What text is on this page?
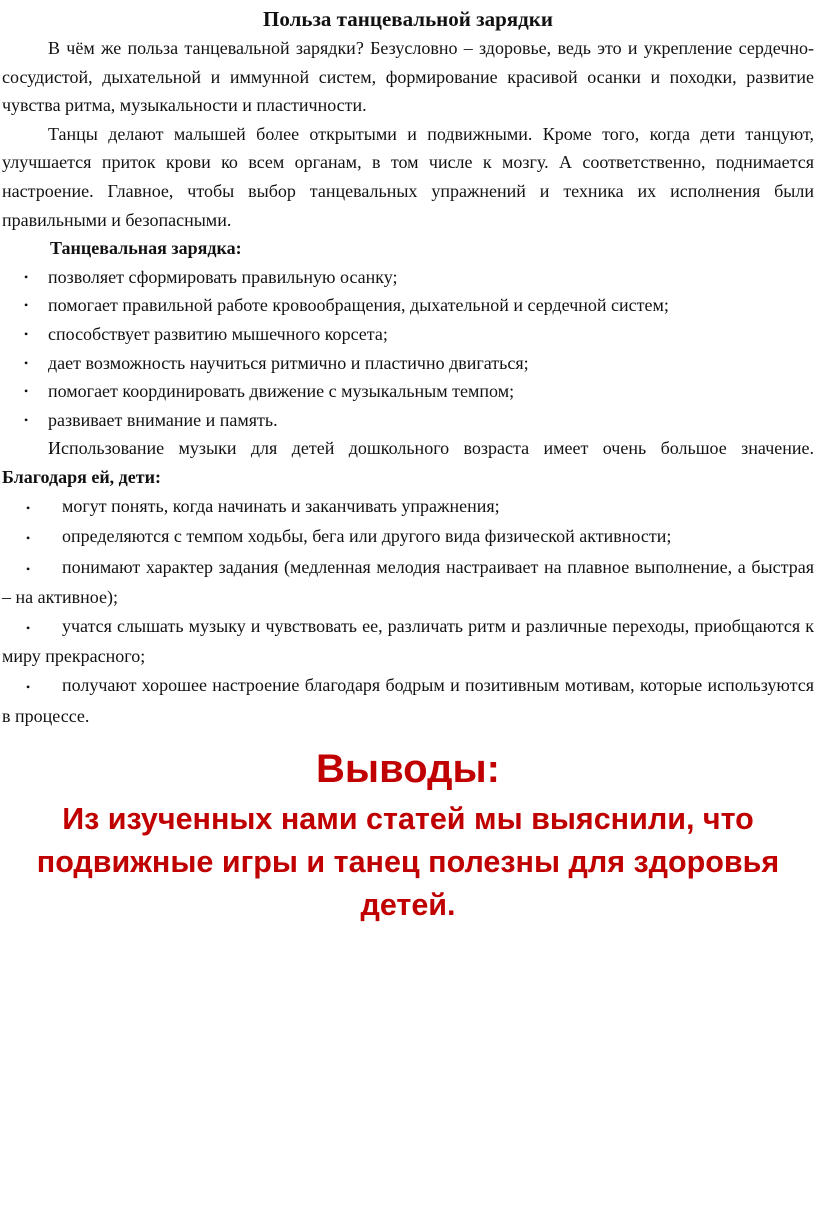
Польза танцевальной зарядки

В чём же польза танцевальной зарядки? Безусловно – здоровье, ведь это и укрепление сердечно-сосудистой, дыхательной и иммунной систем, формирование красивой осанки и походки, развитие чувства ритма, музыкальности и пластичности.

Танцы делают малышей более открытыми и подвижными. Кроме того, когда дети танцуют, улучшается приток крови ко всем органам, в том числе к мозгу. А соответственно, поднимается настроение. Главное, чтобы выбор танцевальных упражнений и техника их исполнения были правильными и безопасными.

Танцевальная зарядка:

• позволяет сформировать правильную осанку;
• помогает правильной работе кровообращения, дыхательной и сердечной систем;
• способствует развитию мышечного корсета;
• дает возможность научиться ритмично и пластично двигаться;
• помогает координировать движение с музыкальным темпом;
• развивает внимание и память.

Использование музыки для детей дошкольного возраста имеет очень большое значение. Благодаря ей, дети:

• могут понять, когда начинать и заканчивать упражнения;
• определяются с темпом ходьбы, бега или другого вида физической активности;
• понимают характер задания (медленная мелодия настраивает на плавное выполнение, а быстрая – на активное);
• учатся слышать музыку и чувствовать ее, различать ритм и различные переходы, приобщаются к миру прекрасного;
• получают хорошее настроение благодаря бодрым и позитивным мотивам, которые используются в процессе.

Выводы:

Из изученных нами статей мы выяснили, что подвижные игры и танец полезны для здоровья детей.
